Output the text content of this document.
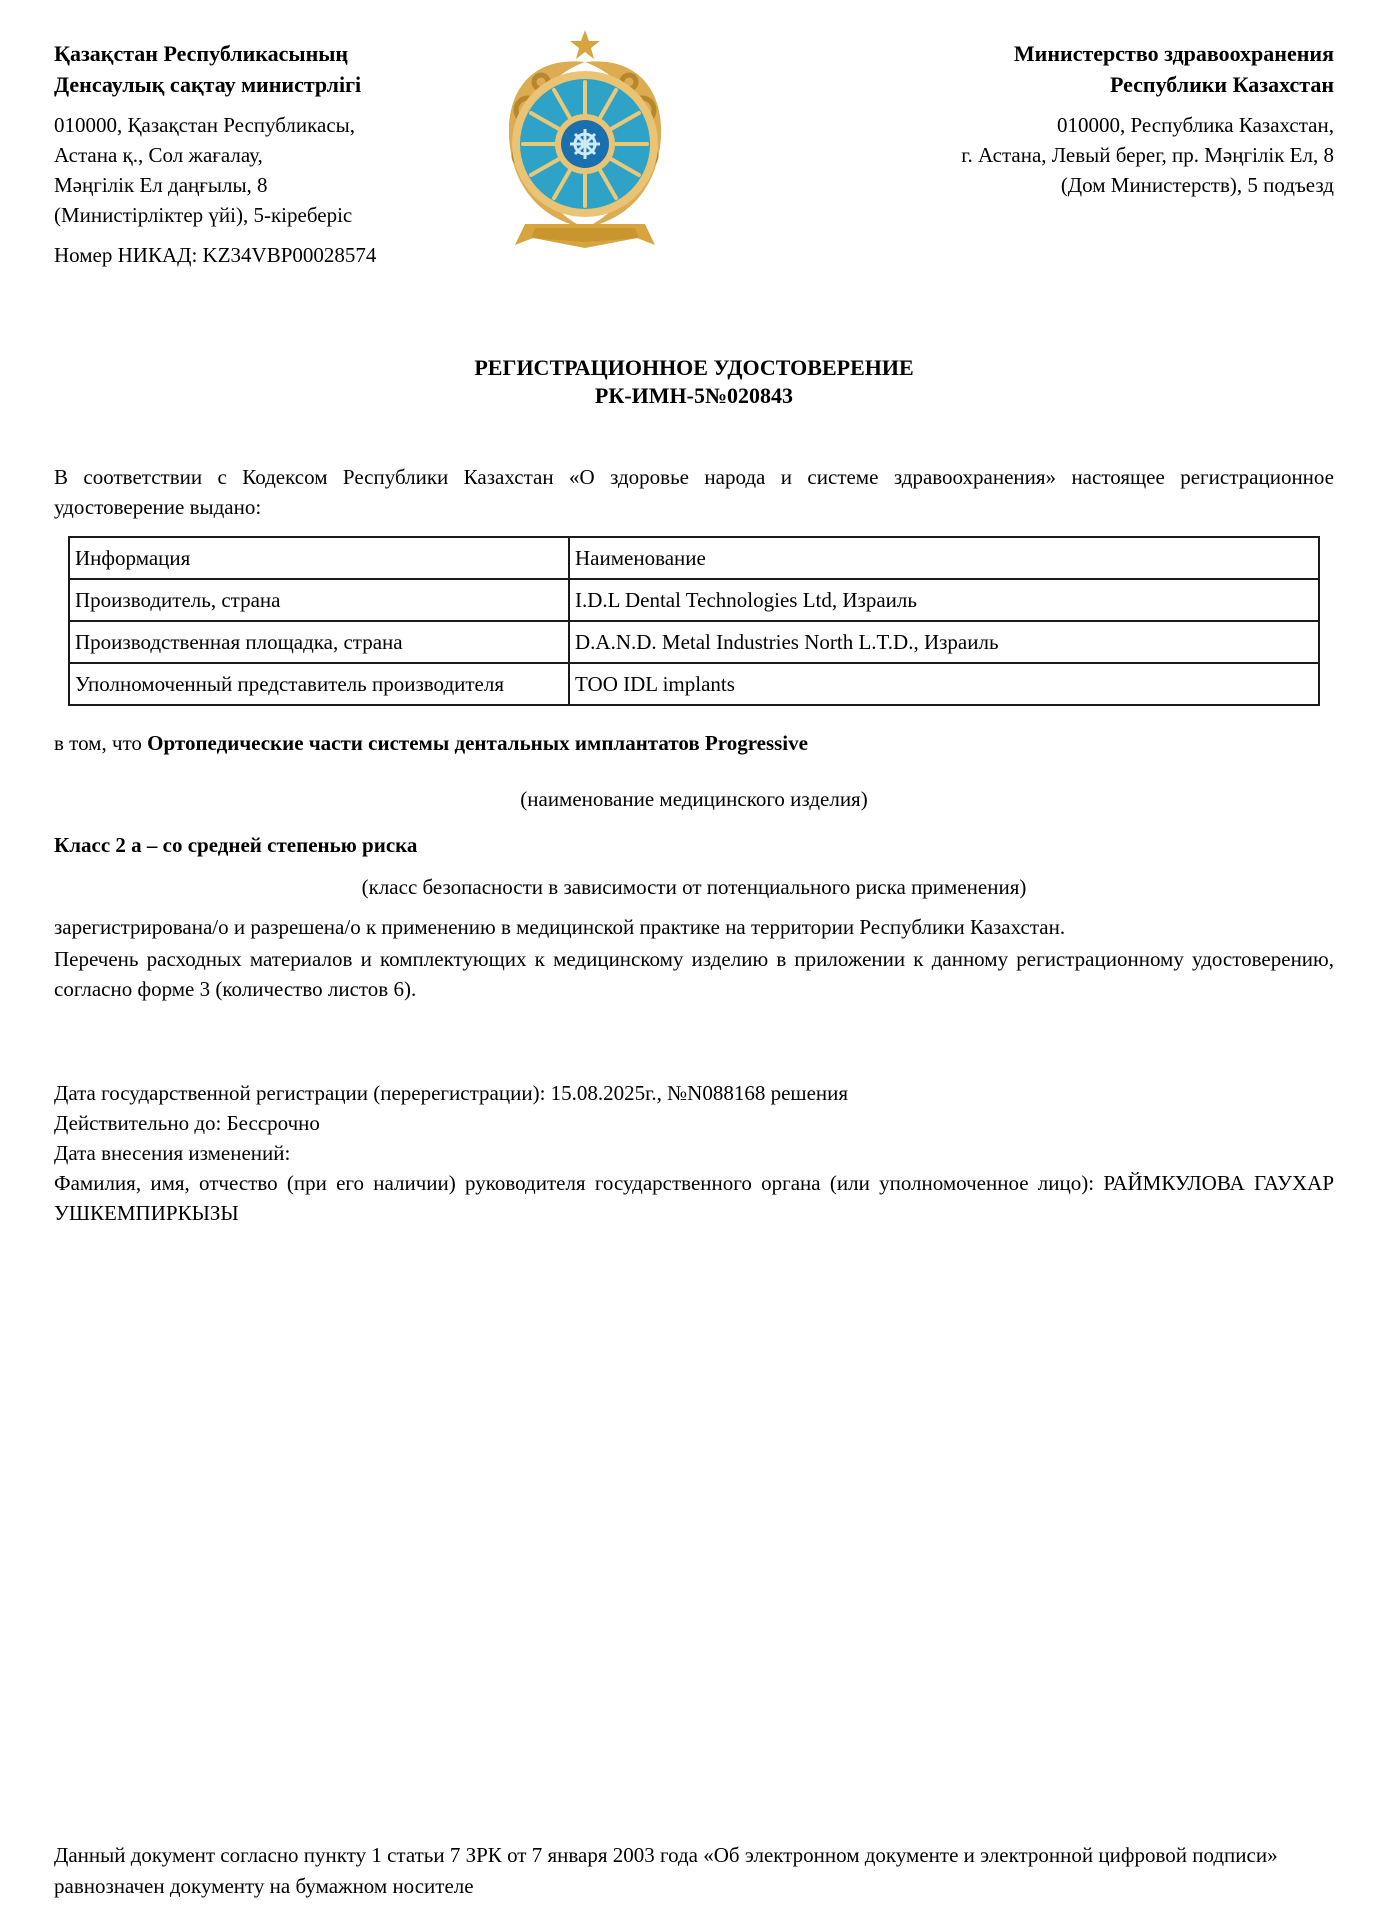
Қазақстан Республикасының
Денсаулық сақтау министрлігі
010000, Қазақстан Республикасы,
Астана қ., Сол жағалау,
Мәңгілік Ел даңғылы, 8
(Министірліктер үйі), 5-кіреберіс
Номер НИКАД: KZ34VBP00028574
Министерство здравоохранения
Республики Казахстан
010000, Республика Казахстан,
г. Астана, Левый берег, пр. Мәңгілік Ел, 8
(Дом Министерств), 5 подъезд
РЕГИСТРАЦИОННОЕ УДОСТОВЕРЕНИЕ
РК-ИМН-5№020843

В соответствии с Кодексом Республики Казахстан «О здоровье народа и системе здравоохранения» настоящее регистрационное удостоверение выдано:

Информация	Наименование
Производитель, страна	I.D.L Dental Technologies Ltd, Израиль
Производственная площадка, страна	D.A.N.D. Metal Industries North L.T.D., Израиль
Уполномоченный представитель производителя	ТОО IDL implants

в том, что Ортопедические части системы дентальных имплантатов Progressive

(наименование медицинского изделия)

Класс 2 а – со средней степенью риска

(класс безопасности в зависимости от потенциального риска применения)

зарегистрирована/о и разрешена/о к применению в медицинской практике на территории Республики Казахстан.

Перечень расходных материалов и комплектующих к медицинскому изделию в приложении к данному регистрационному удостоверению, согласно форме 3 (количество листов 6).

Дата государственной регистрации (перерегистрации): 15.08.2025г., №N088168 решения

Действительно до: Бессрочно

Дата внесения изменений:

Фамилия, имя, отчество (при его наличии) руководителя государственного органа (или уполномоченное лицо): РАЙМКУЛОВА ГАУХАР УШКЕМПИРКЫЗЫ

Данный документ согласно пункту 1 статьи 7 ЗРК от 7 января 2003 года «Об электронном документе и электронной цифровой подписи» равнозначен документу на бумажном носителе
